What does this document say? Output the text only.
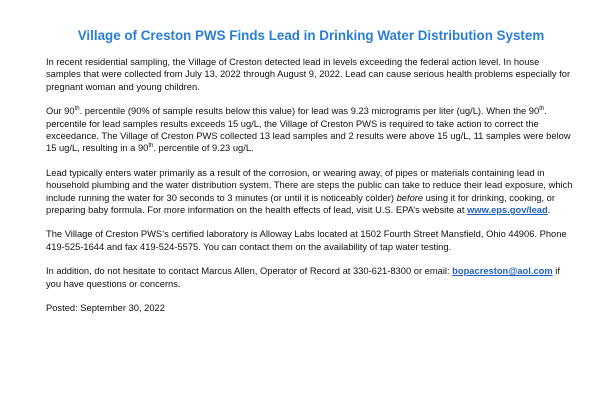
Village of Creston PWS Finds Lead in Drinking Water Distribution System

In recent residential sampling, the Village of Creston detected lead in levels exceeding the federal action level. In house samples that were collected from July 13, 2022 through August 9, 2022. Lead can cause serious health problems especially for pregnant woman and young children.

Our 90th. percentile (90% of sample results below this value) for lead was 9.23 micrograms per liter (ug/L). When the 90th. percentile for lead samples results exceeds 15 ug/L, the Village of Creston PWS is required to take action to correct the exceedance. The Village of Creston PWS collected 13 lead samples and 2 results were above 15 ug/L, 11 samples were below 15 ug/L, resulting in a 90th. percentile of 9.23 ug/L.

Lead typically enters water primarily as a result of the corrosion, or wearing away, of pipes or materials containing lead in household plumbing and the water distribution system. There are steps the public can take to reduce their lead exposure, which include running the water for 30 seconds to 3 minutes (or until it is noticeably colder) before using it for drinking, cooking, or preparing baby formula. For more information on the health effects of lead, visit U.S. EPA’s website at www.eps.gov/lead.

The Village of Creston PWS’s certified laboratory is Alloway Labs located at 1502 Fourth Street Mansfield, Ohio 44906. Phone 419-525-1644 and fax 419-524-5575. You can contact them on the availability of tap water testing.

In addition, do not hesitate to contact Marcus Allen, Operator of Record at 330-621-8300 or email: bopacreston@aol.com if you have questions or concerns.

Posted: September 30, 2022
